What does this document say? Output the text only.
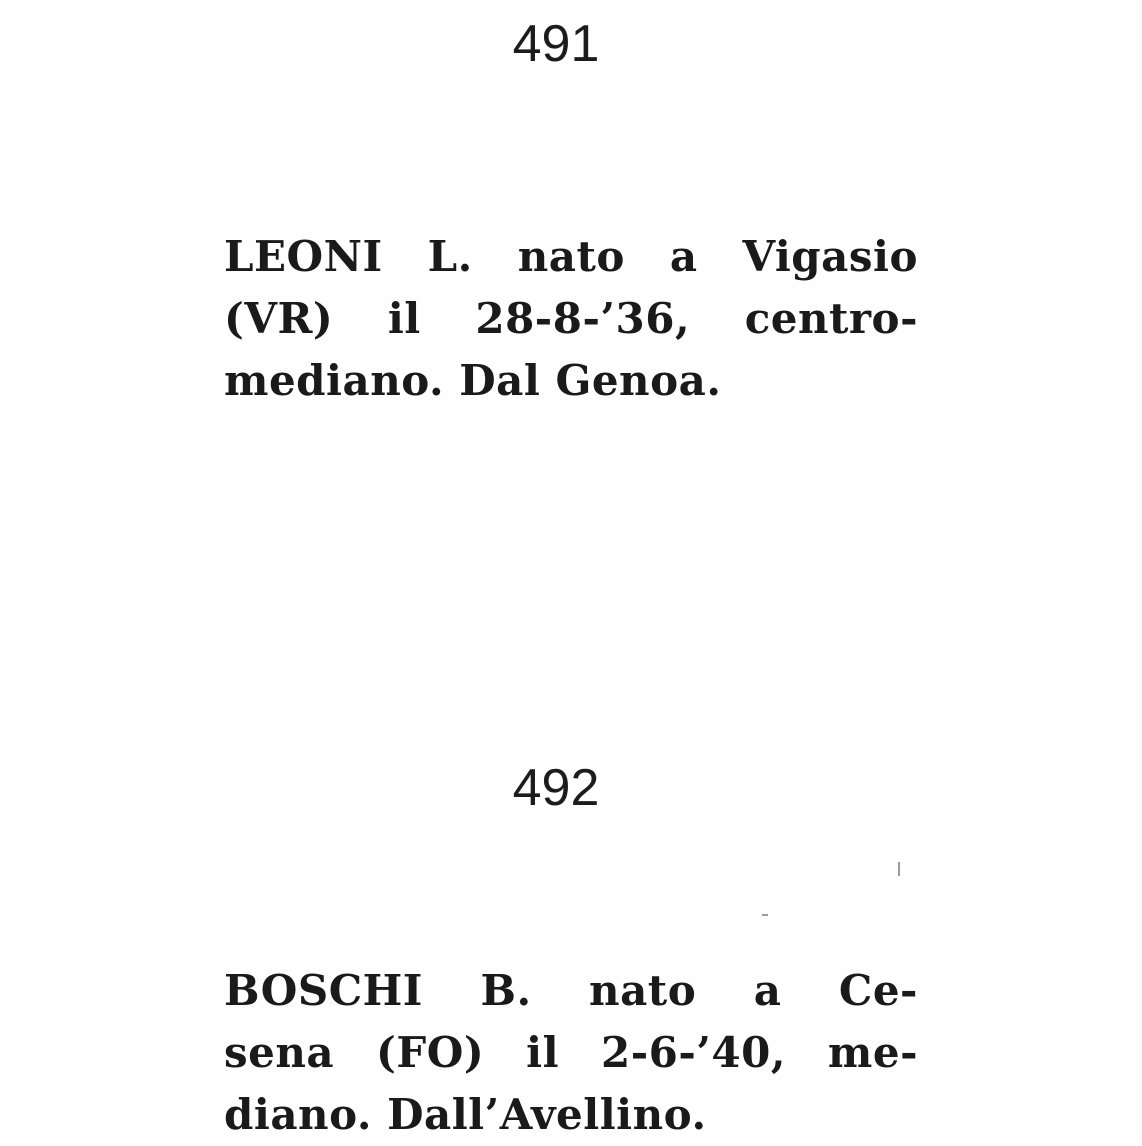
491
LEONI L. nato a Vigasio
(VR) il 28-8-’36, centro-
mediano. Dal Genoa.
492
BOSCHI B. nato a Ce-
sena (FO) il 2-6-’40, me-
diano. Dall’Avellino.
